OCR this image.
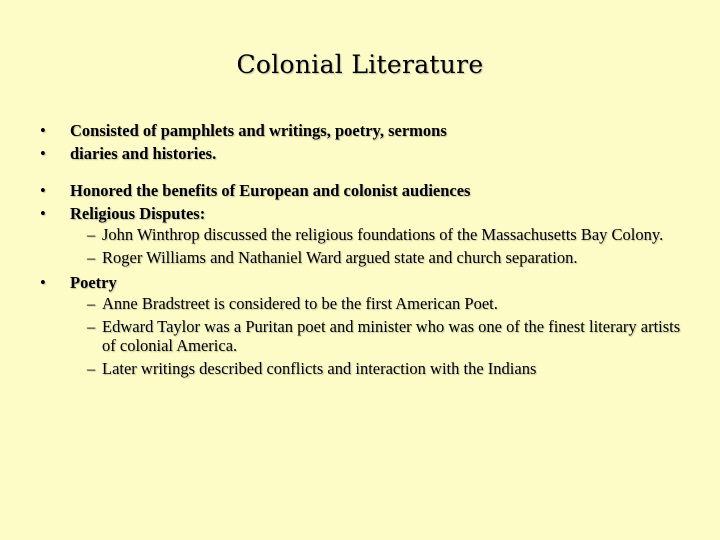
Colonial Literature
•	Consisted of pamphlets and writings, poetry, sermons
•	diaries and histories.
•	Honored the benefits of European and colonist audiences
•	Religious Disputes:
– John Winthrop discussed the religious foundations of the Massachusetts Bay Colony.
– Roger Williams and Nathaniel Ward argued state and church separation.
•	Poetry
– Anne Bradstreet is considered to be the first American Poet.
– Edward Taylor was a Puritan poet and minister who was one of the finest literary artists of colonial America.
– Later writings described conflicts and interaction with the Indians
